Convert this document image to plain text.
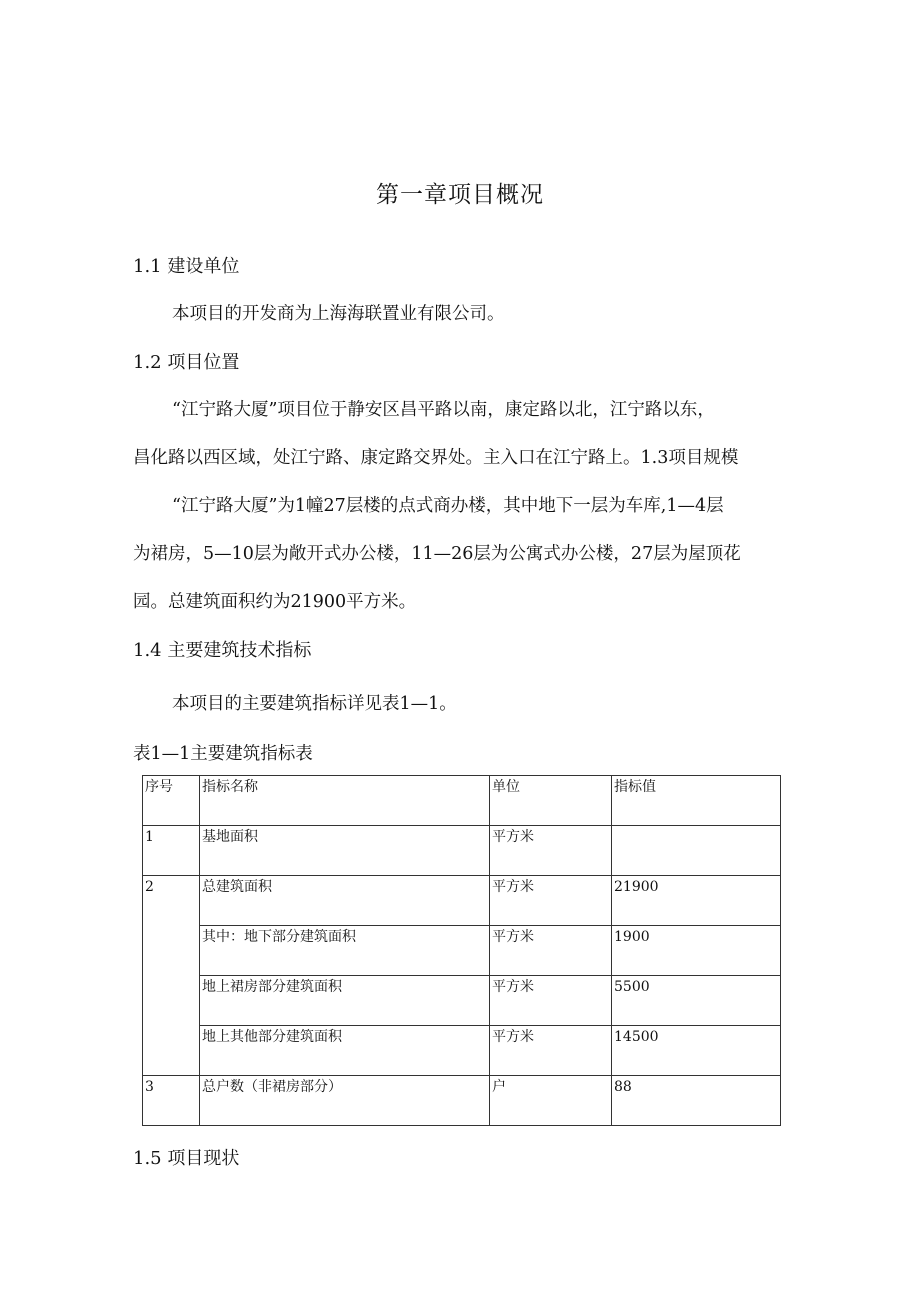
第一章项目概况
1.1 建设单位
本项目的开发商为上海海联置业有限公司。
1.2 项目位置
“江宁路大厦”项目位于静安区昌平路以南，康定路以北，江宁路以东，
昌化路以西区域，处江宁路、康定路交界处。主入口在江宁路上。1.3项目规模
“江宁路大厦”为1幢27层楼的点式商办楼，其中地下一层为车库,1—4层
为裙房，5—10层为敞开式办公楼，11—26层为公寓式办公楼，27层为屋顶花
园。总建筑面积约为21900平方米。
1.4 主要建筑技术指标
本项目的主要建筑指标详见表1—1。
表1—1主要建筑指标表
序号	指标名称	单位	指标值
1	基地面积	平方米	
2	总建筑面积	平方米	21900
	其中：地下部分建筑面积	平方米	1900
	地上裙房部分建筑面积	平方米	5500
	地上其他部分建筑面积	平方米	14500
3	总户数（非裙房部分）	户	88
1.5 项目现状
